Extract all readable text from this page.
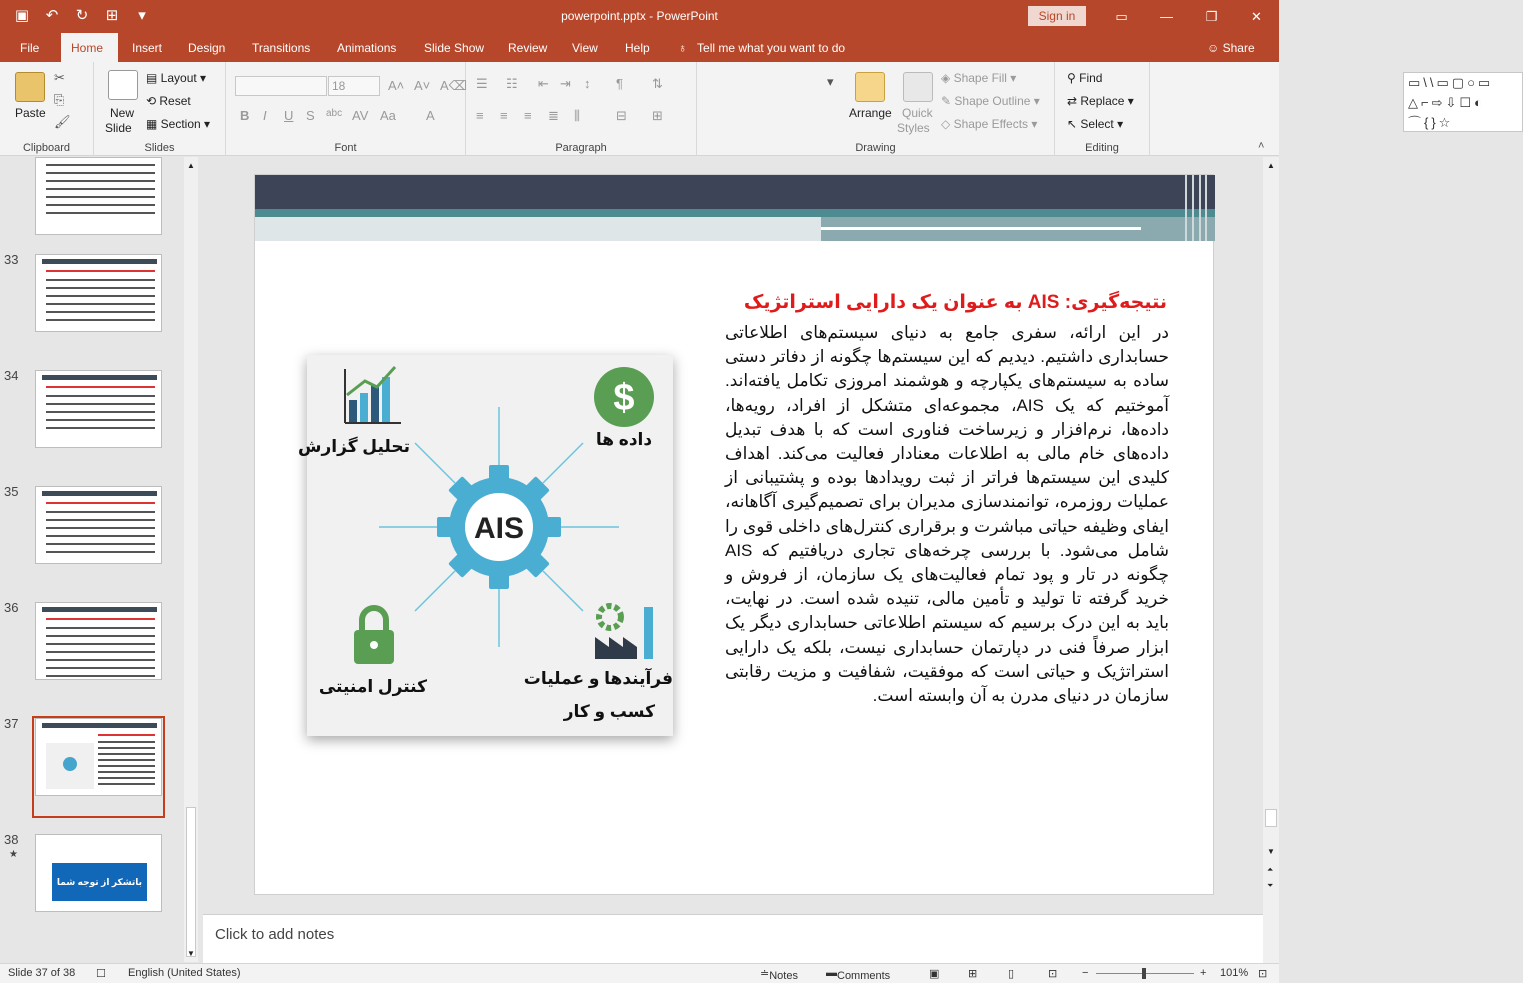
▣ ↶ ↻ ⊞	▾	powerpoint.pptx - PowerPoint	Sign in	▭	—	❐	✕
File	Home	Insert	Design	Transitions	Animations	Slide Show	Review	View	Help	♁   Tell me what you want to do	☺ Share
Paste
✂
⎘
🖌
Clipboard
New
Slide
▤ Layout ▾
⟲ Reset
▦ Section ▾
Slides
18	A˄ A˅ A⌫
B I U S abc AV Aa A
Font
☰ ☷ ⇤ ⇥ ↕ ¶ ⇅
≡ ≡ ≡ ≣ ⫼	⊟ ⊞
Paragraph
▭\\▭▢○▭
△⌐⇨⇩☐◐
⌒{}☆
▾
Arrange Quick
Styles
◈ Shape Fill ▾
✎ Shape Outline ▾
◇ Shape Effects ▾
Drawing
⚲ Find
⇄ Replace ▾
↖ Select ▾
Editing	˄
33
34
35
36
37
38
★
باتشکر از توجه شما
▲
▼
نتیجه‌گیری: AIS به عنوان یک دارایی استراتژیک
در این ارائه، سفری جامع به دنیای سیستم‌های اطلاعاتی حسابداری داشتیم. دیدیم که این سیستم‌ها چگونه از دفاتر دستی ساده به سیستم‌های یکپارچه و هوشمند امروزی تکامل یافته‌اند. آموختیم که یک AIS، مجموعه‌ای متشکل از افراد، رویه‌ها، داده‌ها، نرم‌افزار و زیرساخت فناوری است که با هدف تبدیل داده‌های خام مالی به اطلاعات معنادار فعالیت می‌کند. اهداف کلیدی این سیستم‌ها فراتر از ثبت رویدادها بوده و پشتیبانی از عملیات روزمره، توانمندسازی مدیران برای تصمیم‌گیری آگاهانه، ایفای وظیفه حیاتی مباشرت و برقراری کنترل‌های داخلی قوی را شامل می‌شود. با بررسی چرخه‌های تجاری دریافتیم که AIS چگونه در تار و پود تمام فعالیت‌های یک سازمان، از فروش و خرید گرفته تا تولید و تأمین مالی، تنیده شده است. در نهایت، باید به این درک برسیم که سیستم اطلاعاتی حسابداری دیگر یک ابزار صرفاً فنی در دپارتمان حسابداری نیست، بلکه یک دارایی استراتژیک و حیاتی است که موفقیت، شفافیت و مزیت رقابتی سازمان در دنیای مدرن به آن وابسته است.
$
AIS
داده ها
تحلیل گزارش
کنترل امنیتی	فرآیندها و عملیات
کسب و کار
Click to add notes
▲
▼
⏶
⏷
Slide 37 of 38 ☐ English (United States)	≐ Notes	▬ Comments	▣	⊞	▯	⊡ −	+ 101% ⊡
